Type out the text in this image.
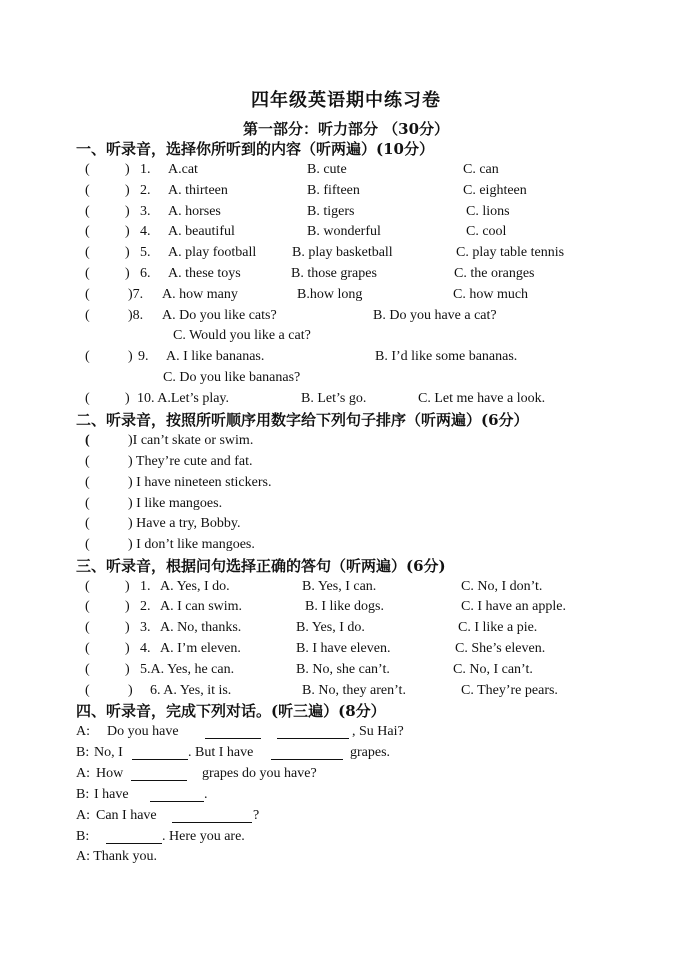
四年级英语期中练习卷
第一部分：听力部分 （30分）
一、听录音，选择你所听到的内容（听两遍）(10分）
(	) 1. A.cat	B. cute	C. can
(	) 2. A. thirteen	B. fifteen	C. eighteen
(	) 3. A. horses	B. tigers	C. lions
(	) 4. A. beautiful	B. wonderful	C. cool
(	) 5. A. play football	B. play basketball	C. play table tennis
(	) 6. A. these toys	B. those grapes	C. the oranges
(	)7. A. how many	B.how long	C. how much
(	)8. A. Do you like cats?	B. Do you have a cat?
C. Would you like a cat?
(	) 9. A. I like bananas.	B. I’d like some bananas.
C. Do you like bananas?
(	) 10. A.Let’s play.	B. Let’s go.	C. Let me have a look.
二、听录音，按照所听顺序用数字给下列句子排序（听两遍）(6分）
(	)I can’t skate or swim.
(	) They’re cute and fat.
(	) I have nineteen stickers.
(	) I like mangoes.
(	) Have a try, Bobby.
(	) I don’t like mangoes.
三、听录音，根据问句选择正确的答句（听两遍）(6分)
(	) 1. A. Yes, I do.	B. Yes, I can.	C. No, I don’t.
(	) 2. A. I can swim.	B. I like dogs.	C. I have an apple.
(	) 3. A. No, thanks.	B. Yes, I do.	C. I like a pie.
(	) 4. A. I’m eleven.	B. I have eleven.	C. She’s eleven.
(	) 5.A. Yes, he can.	B. No, she can’t.	C. No, I can’t.
(	) 6. A. Yes, it is.	B. No, they aren’t.	C. They’re pears.
四、听录音，完成下列对话。(听三遍）(8分）
A: Do you have	, Su Hai?
B: No, I	. But I have	grapes.
A: How	grapes do you have?
B: I have	.
A: Can I have	?
B:	. Here you are.
A: Thank you.
